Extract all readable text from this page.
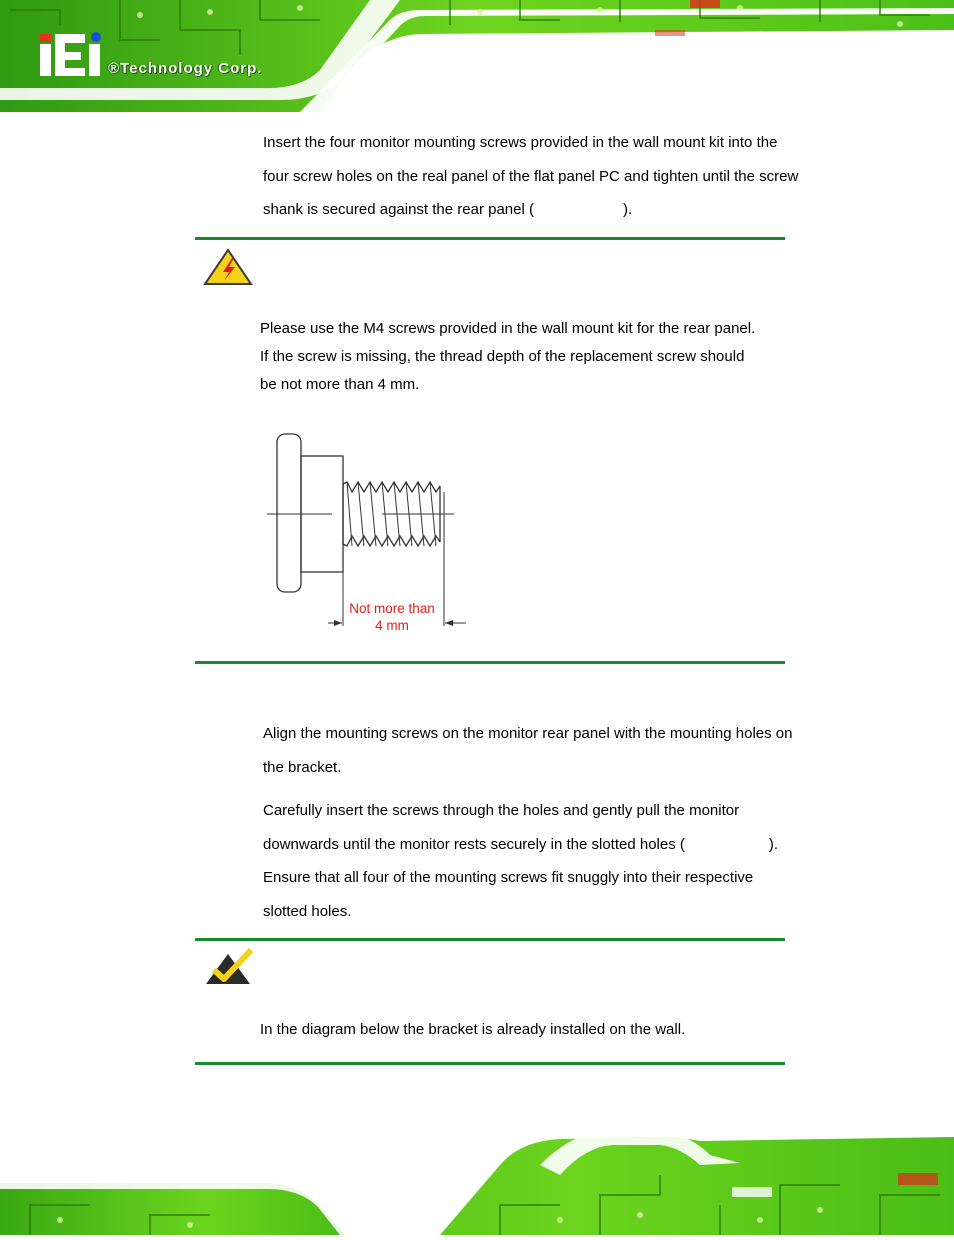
®Technology Corp.
Insert the four monitor mounting screws provided in the wall mount kit into the
four screw holes on the real panel of the flat panel PC and tighten until the screw
shank is secured against the rear panel (	).
Please use the M4 screws provided in the wall mount kit for the rear panel.
If the screw is missing, the thread depth of the replacement screw should
be not more than 4 mm.
Not more than
4 mm
Align the mounting screws on the monitor rear panel with the mounting holes on
the bracket.
Carefully insert the screws through the holes and gently pull the monitor
downwards until the monitor rests securely in the slotted holes (	).
Ensure that all four of the mounting screws fit snuggly into their respective
slotted holes.
In the diagram below the bracket is already installed on the wall.
